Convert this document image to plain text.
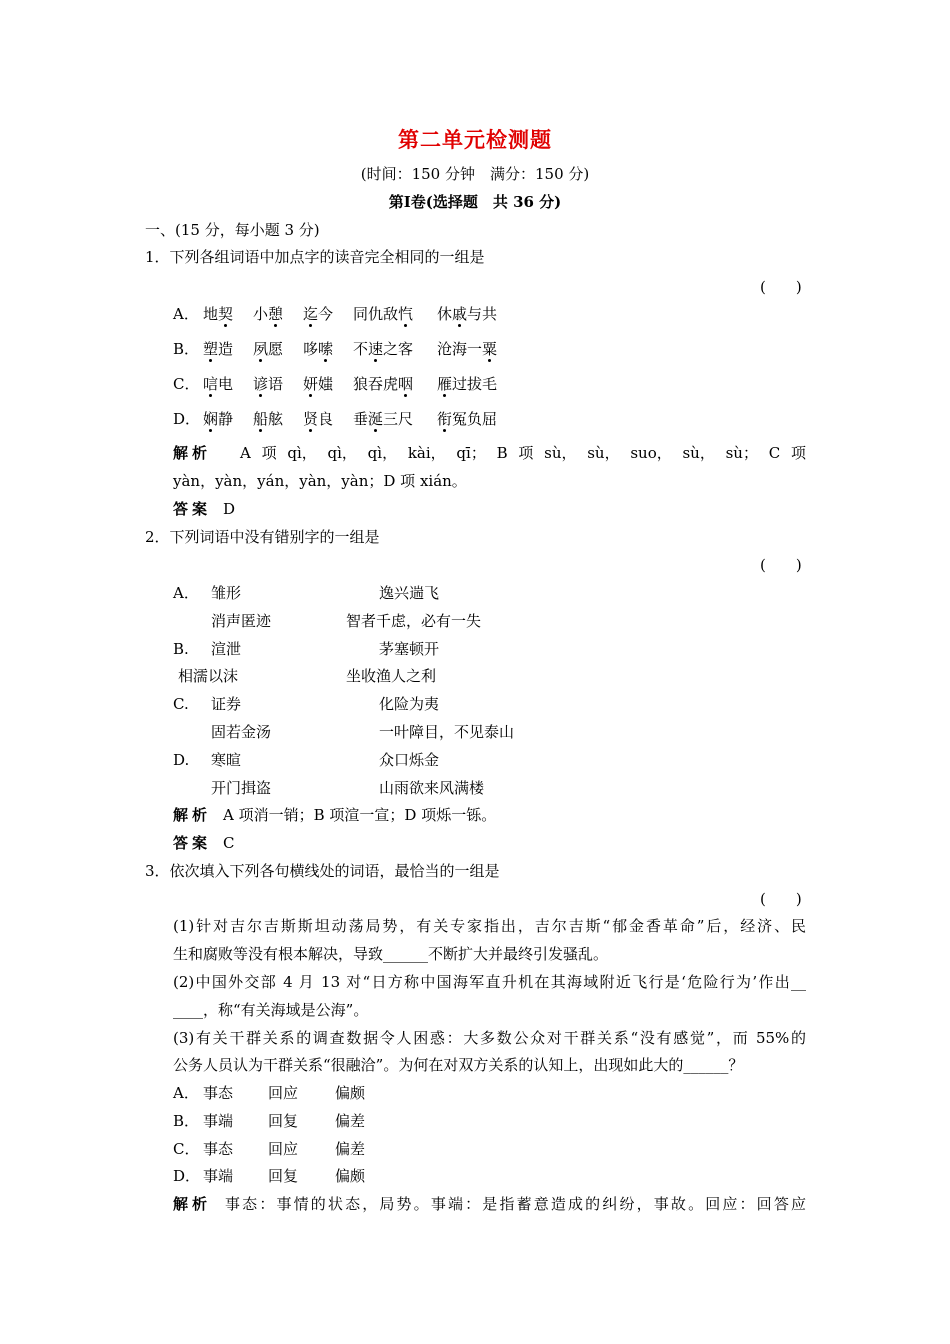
第二单元检测题
(时间：150 分钟　满分：150 分)
第Ⅰ卷(选择题　共 36 分)
一、(15 分，每小题 3 分)
1．下列各组词语中加点字的读音完全相同的一组是
(　　)
A． 地契 小憩 迄今 同仇敌忾 休戚与共
B． 塑造 夙愿 哆嗦 不速之客 沧海一粟
C． 唁电 谚语 妍媸 狼吞虎咽 雁过拔毛
D． 娴静 船舷 贤良 垂涎三尺 衔冤负屈
解析 A 项 qì， qì， qì， kài， qī； B 项 sù， sù， suo， sù， sù； C 项
yàn，yàn，yán，yàn，yàn；D 项 xián。
答案 D
2．下列词语中没有错别字的一组是
(　　)
A． 雏形	逸兴遄飞
消声匿迹	智者千虑，必有一失
B. 渲泄	茅塞顿开
相濡以沫	坐收渔人之利
C. 证券	化险为夷
固若金汤	一叶障目，不见泰山
D. 寒暄	众口烁金
开门揖盗	山雨欲来风满楼
解析 A 项消一销；B 项渲一宣；D 项烁一铄。
答案 C
3．依次填入下列各句横线处的词语，最恰当的一组是
(　　)
(1)针对吉尔吉斯斯坦动荡局势，有关专家指出，吉尔吉斯“郁金香革命”后，经济、民
生和腐败等没有根本解决，导致______不断扩大并最终引发骚乱。
(2)中国外交部 4 月 13 对“日方称中国海军直升机在其海域附近飞行是‘危险行为’作出__
____，称“有关海域是公海”。
(3)有关干群关系的调查数据令人困惑：大多数公众对干群关系“没有感觉”，而 55%的
公务人员认为干群关系“很融洽”。为何在对双方关系的认知上，出现如此大的______？
A． 事态 回应 偏颇
B． 事端 回复 偏差
C． 事态 回应 偏差
D． 事端 回复 偏颇
解析 事态：事情的状态，局势。事端：是指蓄意造成的纠纷，事故。回应：回答应
